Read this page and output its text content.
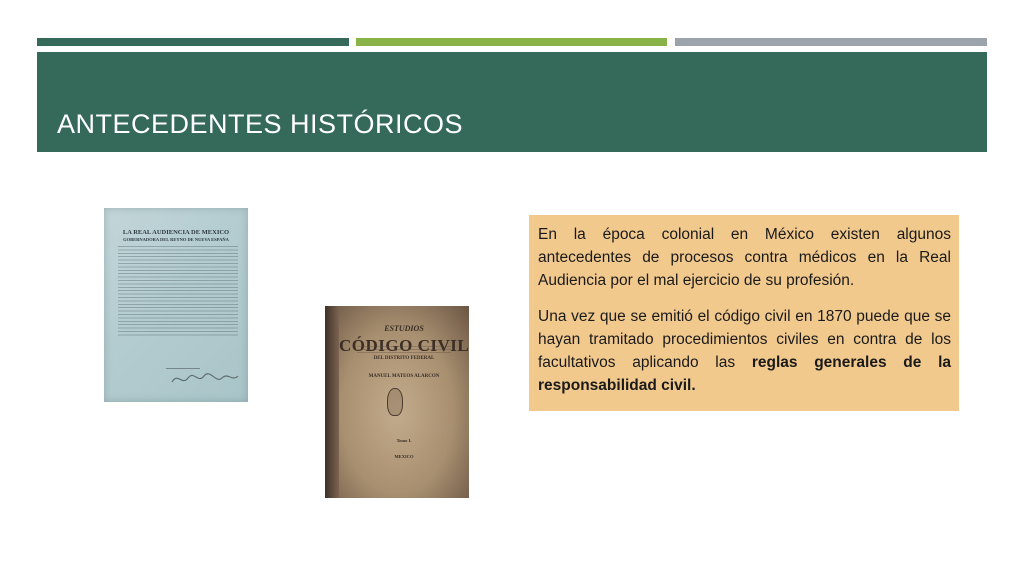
ANTECEDENTES HISTÓRICOS
LA REAL AUDIENCIA DE MEXICO
GOBERNADORA DEL REYNO DE NUEVA ESPAÑA
ESTUDIOS
CÓDIGO CIVIL
DEL DISTRITO FEDERAL
MANUEL MATEOS ALARCON
Tomo I.
MEXICO

En la época colonial en México existen algunos antecedentes de procesos contra médicos en la Real Audiencia por el mal ejercicio de su profesión.

Una vez que se emitió el código civil en 1870 puede que se hayan tramitado procedimientos civiles en contra de los facultativos aplicando las reglas generales de la responsabilidad civil.
